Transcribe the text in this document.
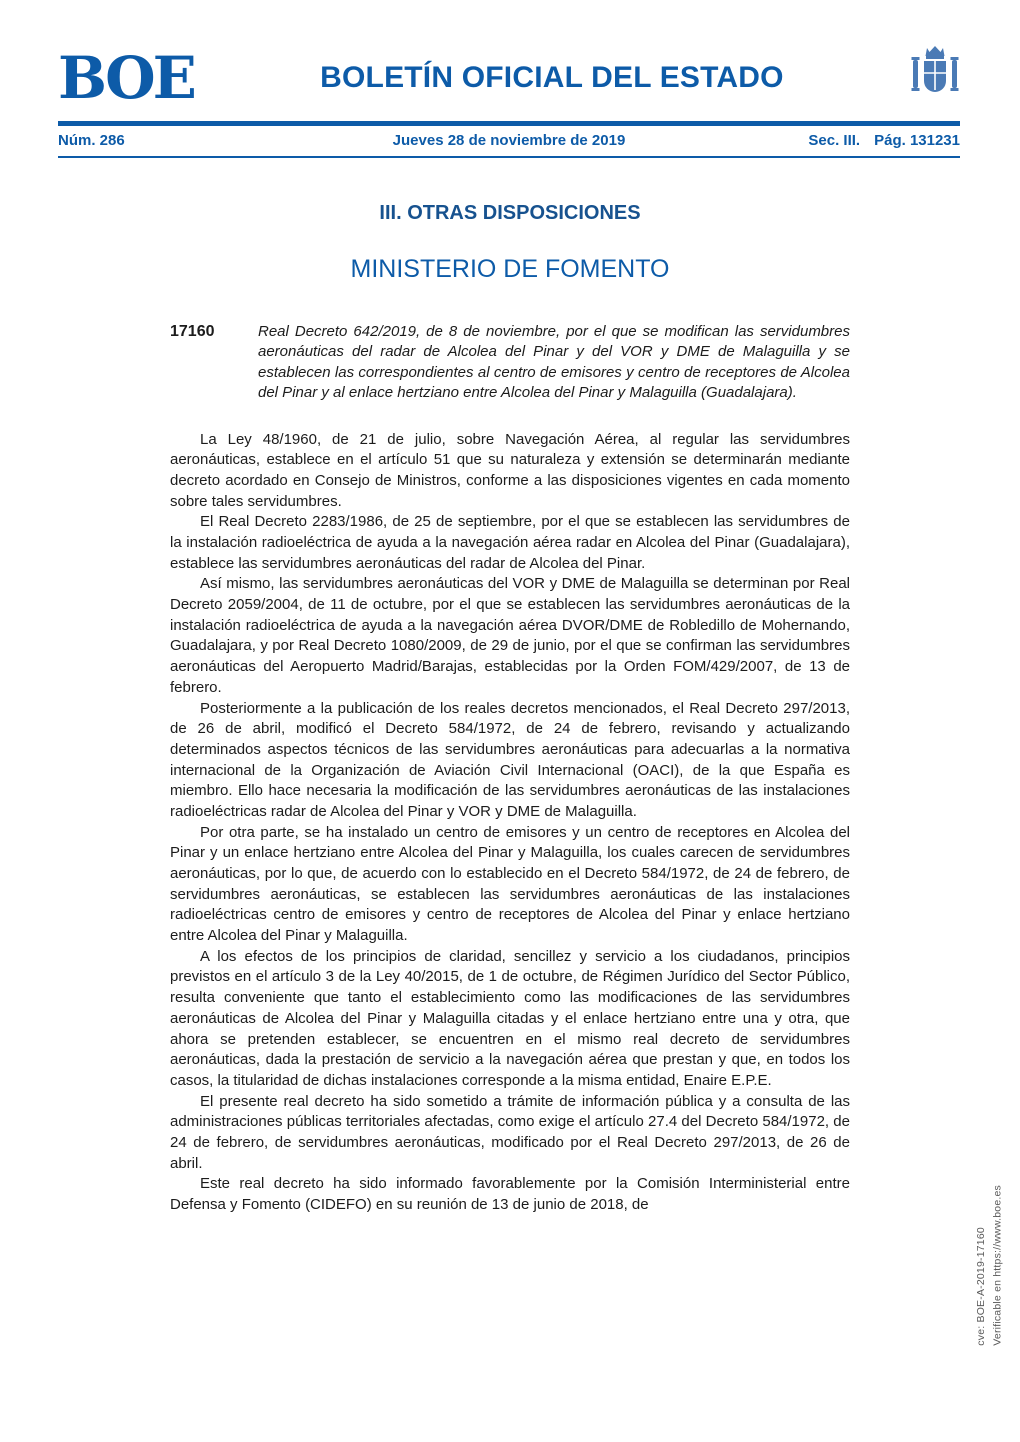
BOE	BOLETÍN OFICIAL DEL ESTADO
Núm. 286	Jueves 28 de noviembre de 2019	Sec. III. Pág. 131231
III. OTRAS DISPOSICIONES
MINISTERIO DE FOMENTO
17160	Real Decreto 642/2019, de 8 de noviembre, por el que se modifican las servidumbres aeronáuticas del radar de Alcolea del Pinar y del VOR y DME de Malaguilla y se establecen las correspondientes al centro de emisores y centro de receptores de Alcolea del Pinar y al enlace hertziano entre Alcolea del Pinar y Malaguilla (Guadalajara).

La Ley 48/1960, de 21 de julio, sobre Navegación Aérea, al regular las servidumbres aeronáuticas, establece en el artículo 51 que su naturaleza y extensión se determinarán mediante decreto acordado en Consejo de Ministros, conforme a las disposiciones vigentes en cada momento sobre tales servidumbres.

El Real Decreto 2283/1986, de 25 de septiembre, por el que se establecen las servidumbres de la instalación radioeléctrica de ayuda a la navegación aérea radar en Alcolea del Pinar (Guadalajara), establece las servidumbres aeronáuticas del radar de Alcolea del Pinar.

Así mismo, las servidumbres aeronáuticas del VOR y DME de Malaguilla se determinan por Real Decreto 2059/2004, de 11 de octubre, por el que se establecen las servidumbres aeronáuticas de la instalación radioeléctrica de ayuda a la navegación aérea DVOR/DME de Robledillo de Mohernando, Guadalajara, y por Real Decreto 1080/2009, de 29 de junio, por el que se confirman las servidumbres aeronáuticas del Aeropuerto Madrid/Barajas, establecidas por la Orden FOM/429/2007, de 13 de febrero.

Posteriormente a la publicación de los reales decretos mencionados, el Real Decreto 297/2013, de 26 de abril, modificó el Decreto 584/1972, de 24 de febrero, revisando y actualizando determinados aspectos técnicos de las servidumbres aeronáuticas para adecuarlas a la normativa internacional de la Organización de Aviación Civil Internacional (OACI), de la que España es miembro. Ello hace necesaria la modificación de las servidumbres aeronáuticas de las instalaciones radioeléctricas radar de Alcolea del Pinar y VOR y DME de Malaguilla.

Por otra parte, se ha instalado un centro de emisores y un centro de receptores en Alcolea del Pinar y un enlace hertziano entre Alcolea del Pinar y Malaguilla, los cuales carecen de servidumbres aeronáuticas, por lo que, de acuerdo con lo establecido en el Decreto 584/1972, de 24 de febrero, de servidumbres aeronáuticas, se establecen las servidumbres aeronáuticas de las instalaciones radioeléctricas centro de emisores y centro de receptores de Alcolea del Pinar y enlace hertziano entre Alcolea del Pinar y Malaguilla.

A los efectos de los principios de claridad, sencillez y servicio a los ciudadanos, principios previstos en el artículo 3 de la Ley 40/2015, de 1 de octubre, de Régimen Jurídico del Sector Público, resulta conveniente que tanto el establecimiento como las modificaciones de las servidumbres aeronáuticas de Alcolea del Pinar y Malaguilla citadas y el enlace hertziano entre una y otra, que ahora se pretenden establecer, se encuentren en el mismo real decreto de servidumbres aeronáuticas, dada la prestación de servicio a la navegación aérea que prestan y que, en todos los casos, la titularidad de dichas instalaciones corresponde a la misma entidad, Enaire E.P.E.

El presente real decreto ha sido sometido a trámite de información pública y a consulta de las administraciones públicas territoriales afectadas, como exige el artículo 27.4 del Decreto 584/1972, de 24 de febrero, de servidumbres aeronáuticas, modificado por el Real Decreto 297/2013, de 26 de abril.

Este real decreto ha sido informado favorablemente por la Comisión Interministerial entre Defensa y Fomento (CIDEFO) en su reunión de 13 de junio de 2018, de

cve: BOE-A-2019-17160 Verificable en https://www.boe.es
